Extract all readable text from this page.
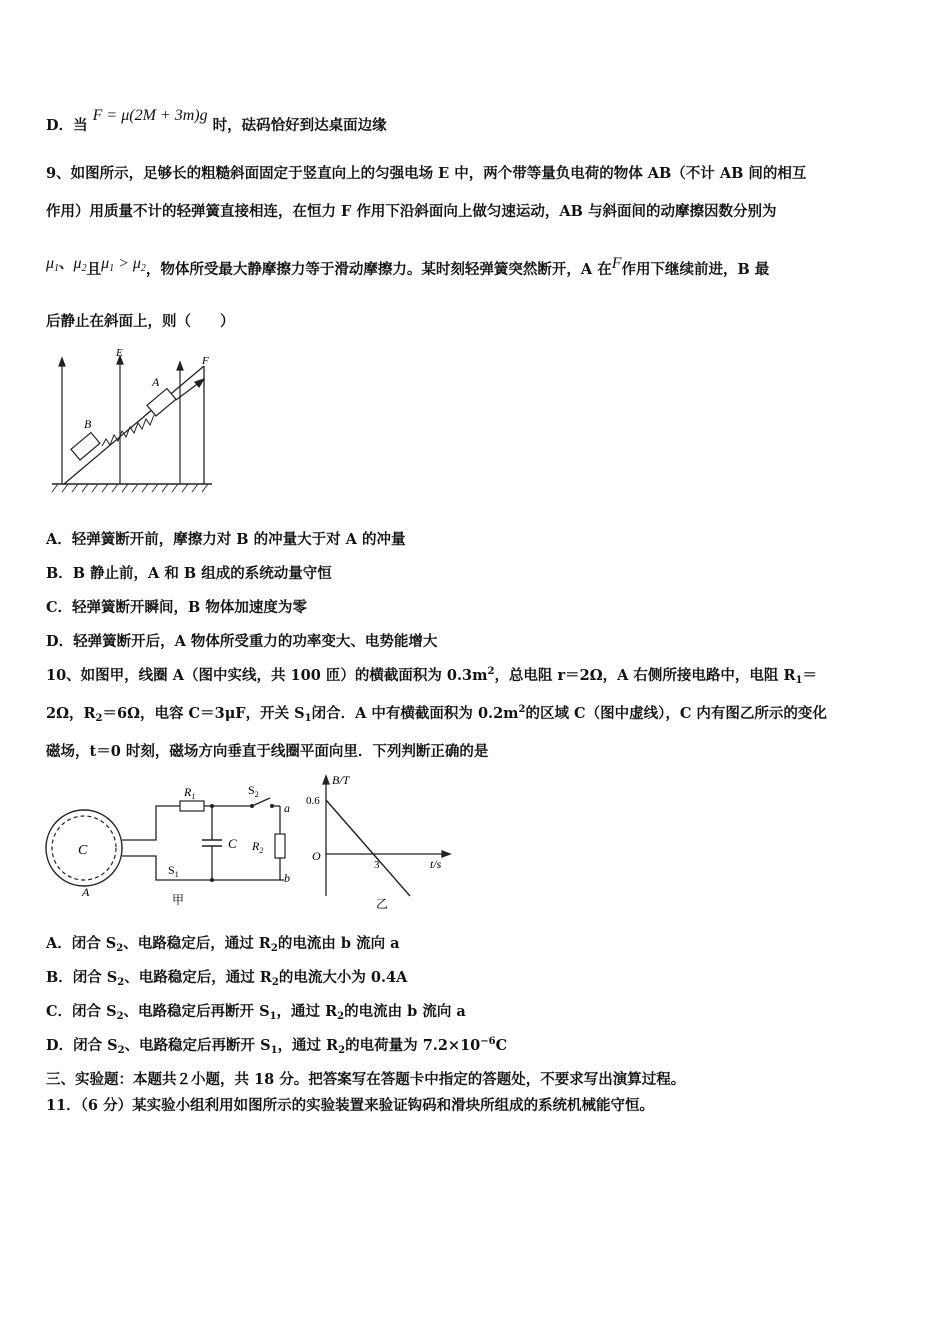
D．当 F = μ(2M + 3m)g 时，砝码恰好到达桌面边缘
9、如图所示，足够长的粗糙斜面固定于竖直向上的匀强电场 E 中，两个带等量负电荷的物体 AB（不计 AB 间的相互
作用）用质量不计的轻弹簧直接相连，在恒力 F 作用下沿斜面向上做匀速运动，AB 与斜面间的动摩擦因数分别为
$\mu_1$、$\mu_2$且$\mu_1 > \mu_2$，物体所受最大静摩擦力等于滑动摩擦力。某时刻轻弹簧突然断开，A 在F作用下继续前进，B 最
后静止在斜面上，则（　　）
E
F
A
B
A．轻弹簧断开前，摩擦力对 B 的冲量大于对 A 的冲量
B．B 静止前，A 和 B 组成的系统动量守恒
C．轻弹簧断开瞬间，B 物体加速度为零
D．轻弹簧断开后，A 物体所受重力的功率变大、电势能增大
10、如图甲，线圈 A（图中实线，共 100 匝）的横截面积为 $0.3m^2$，总电阻 r＝2Ω，A 右侧所接电路中，电阻 $R_1=$
2Ω，$R_2=6\Omega$，电容 C＝3μF，开关 $S_1$闭合．A 中有横截面积为 $0.2m^2$的区域 C（图中虚线），C 内有图乙所示的变化
磁场，t＝0 时刻，磁场方向垂直于线圈平面向里．下列判断正确的是
C
A
$R_1$	$S_2$
C $R_2$
$S_1$
a
b
甲
B/T
0.6
O
3	t/s
乙
A．闭合 $S_2$、电路稳定后，通过 $R_2$的电流由 b 流向 a
B．闭合 $S_2$、电路稳定后，通过 $R_2$的电流大小为 0.4A
C．闭合 $S_2$、电路稳定后再断开 $S_1$，通过 $R_2$的电流由 b 流向 a
D．闭合 $S_2$、电路稳定后再断开 $S_1$，通过 $R_2$的电荷量为 $7.2\times 10^{-6}C$
三、实验题：本题共２小题，共 18 分。把答案写在答题卡中指定的答题处，不要求写出演算过程。
11．（6 分）某实验小组利用如图所示的实验装置来验证钩码和滑块所组成的系统机械能守恒。
